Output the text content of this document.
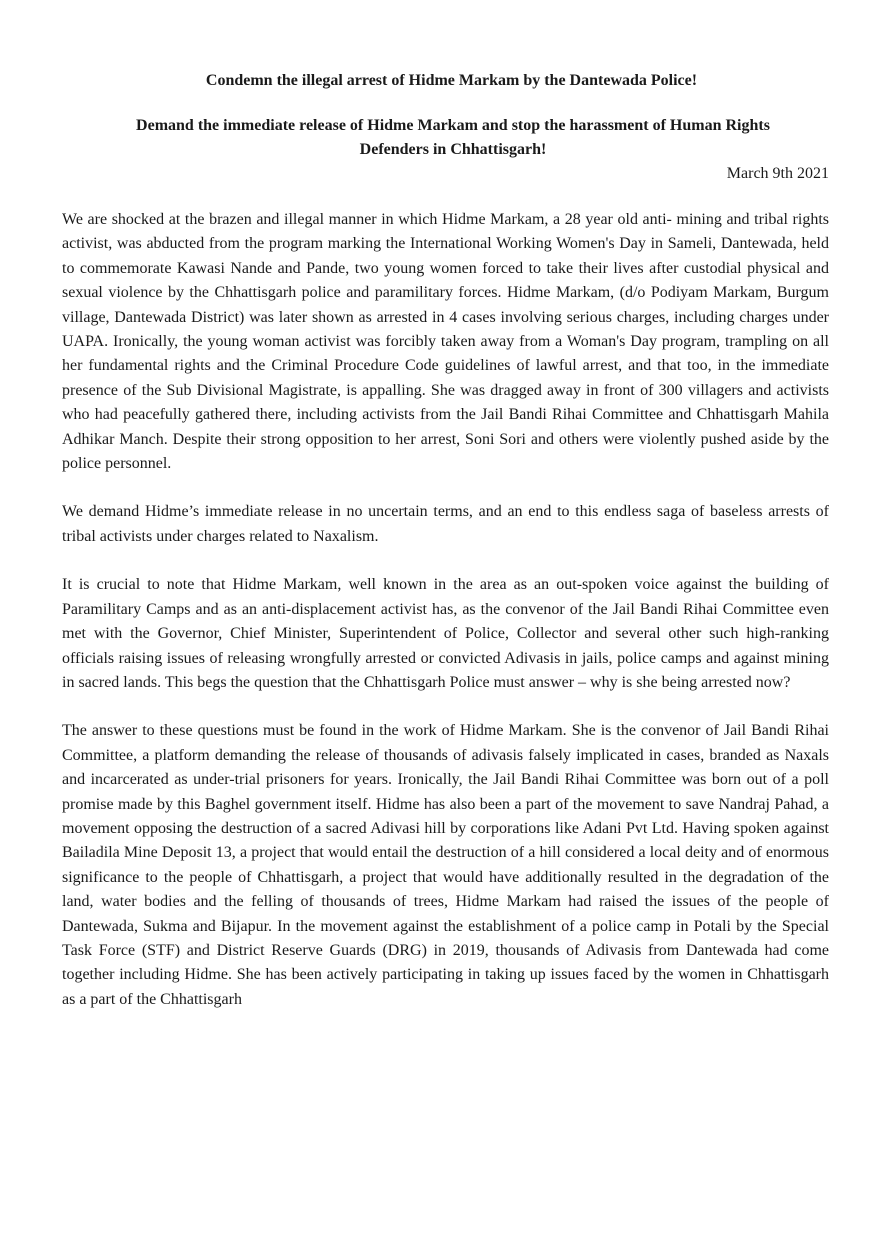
Condemn the illegal arrest of Hidme Markam by the Dantewada Police!

Demand the immediate release of Hidme Markam and stop the harassment of Human Rights Defenders in Chhattisgarh!

March 9th 2021

We are shocked at the brazen and illegal manner in which Hidme Markam, a 28 year old anti- mining and tribal rights activist, was abducted from the program marking the International Working Women's Day in Sameli, Dantewada, held to commemorate Kawasi Nande and Pande, two young women forced to take their lives after custodial physical and sexual violence by the Chhattisgarh police and paramilitary forces. Hidme Markam, (d/o Podiyam Markam, Burgum village, Dantewada District) was later shown as arrested in 4 cases involving serious charges, including charges under UAPA. Ironically, the young woman activist was forcibly taken away from a Woman's Day program, trampling on all her fundamental rights and the Criminal Procedure Code guidelines of lawful arrest, and that too, in the immediate presence of the Sub Divisional Magistrate, is appalling. She was dragged away in front of 300 villagers and activists who had peacefully gathered there, including activists from the Jail Bandi Rihai Committee and Chhattisgarh Mahila Adhikar Manch. Despite their strong opposition to her arrest, Soni Sori and others were violently pushed aside by the police personnel.

We demand Hidme’s immediate release in no uncertain terms, and an end to this endless saga of baseless arrests of tribal activists under charges related to Naxalism.

It is crucial to note that Hidme Markam, well known in the area as an out-spoken voice against the building of Paramilitary Camps and as an anti-displacement activist has, as the convenor of the Jail Bandi Rihai Committee even met with the Governor, Chief Minister, Superintendent of Police, Collector and several other such high-ranking officials raising issues of releasing wrongfully arrested or convicted Adivasis in jails, police camps and against mining in sacred lands. This begs the question that the Chhattisgarh Police must answer – why is she being arrested now?

The answer to these questions must be found in the work of Hidme Markam. She is the convenor of Jail Bandi Rihai Committee, a platform demanding the release of thousands of adivasis falsely implicated in cases, branded as Naxals and incarcerated as under-trial prisoners for years. Ironically, the Jail Bandi Rihai Committee was born out of a poll promise made by this Baghel government itself. Hidme has also been a part of the movement to save Nandraj Pahad, a movement opposing the destruction of a sacred Adivasi hill by corporations like Adani Pvt Ltd. Having spoken against Bailadila Mine Deposit 13, a project that would entail the destruction of a hill considered a local deity and of enormous significance to the people of Chhattisgarh, a project that would have additionally resulted in the degradation of the land, water bodies and the felling of thousands of trees, Hidme Markam had raised the issues of the people of Dantewada, Sukma and Bijapur. In the movement against the establishment of a police camp in Potali by the Special Task Force (STF) and District Reserve Guards (DRG) in 2019, thousands of Adivasis from Dantewada had come together including Hidme. She has been actively participating in taking up issues faced by the women in Chhattisgarh as a part of the Chhattisgarh
